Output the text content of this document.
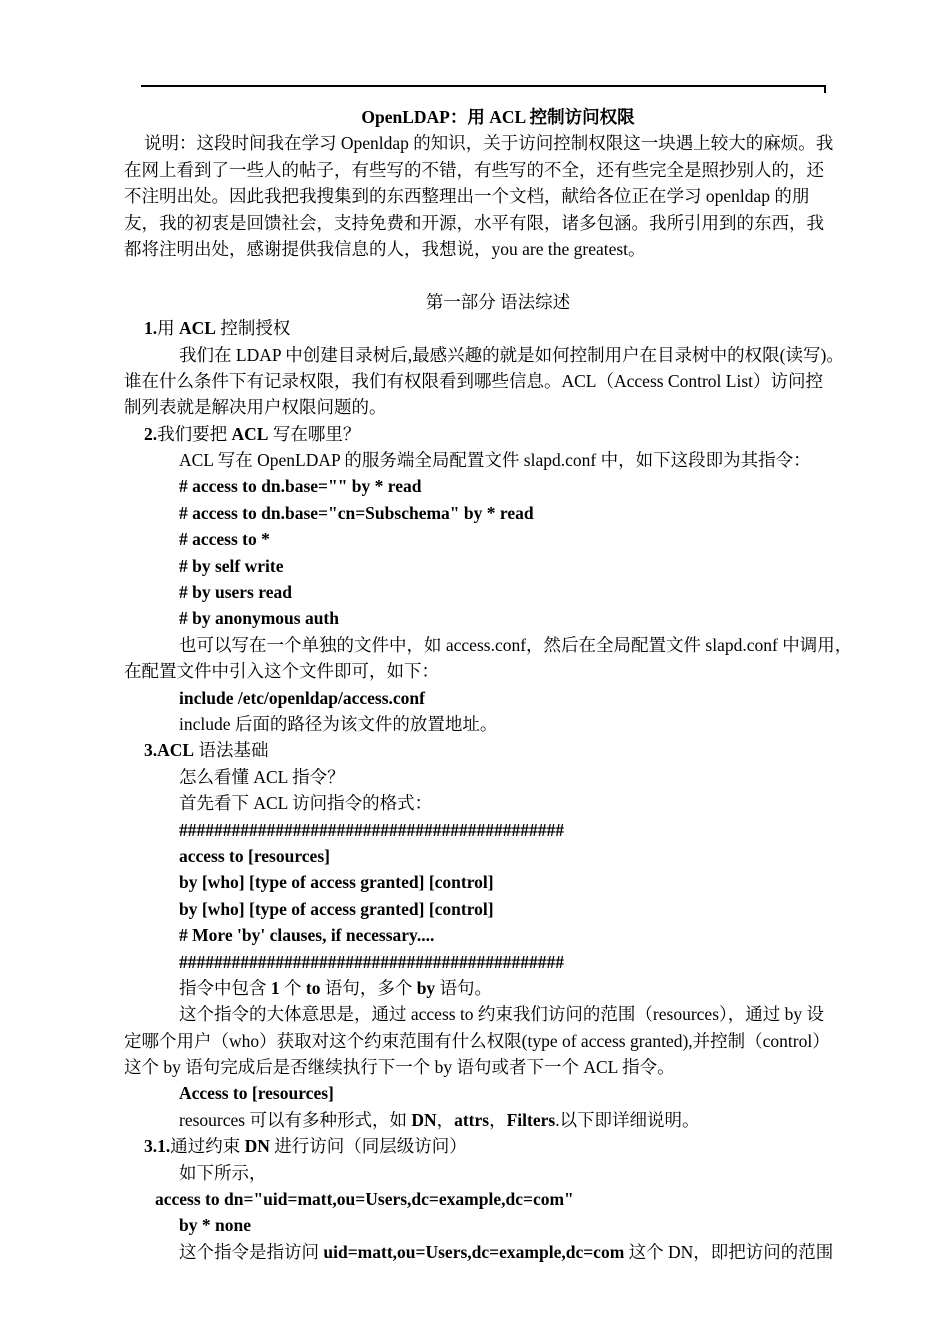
OpenLDAP：用 ACL 控制访问权限
说明：这段时间我在学习 Openldap 的知识，关于访问控制权限这一块遇上较大的麻烦。我
在网上看到了一些人的帖子，有些写的不错，有些写的不全，还有些完全是照抄别人的，还
不注明出处。因此我把我搜集到的东西整理出一个文档，献给各位正在学习 openldap 的朋
友，我的初衷是回馈社会，支持免费和开源，水平有限，诸多包涵。我所引用到的东西，我
都将注明出处，感谢提供我信息的人，我想说，you are the greatest。
第一部分 语法综述
1.用 ACL 控制授权
我们在 LDAP 中创建目录树后,最感兴趣的就是如何控制用户在目录树中的权限(读写)。
谁在什么条件下有记录权限，我们有权限看到哪些信息。ACL（Access Control List）访问控
制列表就是解决用户权限问题的。
2.我们要把 ACL 写在哪里？
ACL 写在 OpenLDAP 的服务端全局配置文件 slapd.conf 中，如下这段即为其指令：
# access to dn.base="" by * read
# access to dn.base="cn=Subschema" by * read
# access to *
# by self write
# by users read
# by anonymous auth
也可以写在一个单独的文件中，如 access.conf，然后在全局配置文件 slapd.conf 中调用，
在配置文件中引入这个文件即可，如下：
include /etc/openldap/access.conf
include 后面的路径为该文件的放置地址。
3.ACL 语法基础
怎么看懂 ACL 指令？
首先看下 ACL 访问指令的格式：
############################################
access to [resources]
by [who] [type of access granted] [control]
by [who] [type of access granted] [control]
# More 'by' clauses, if necessary....
############################################
指令中包含 1 个 to 语句，多个 by 语句。
这个指令的大体意思是，通过 access to 约束我们访问的范围（resources），通过 by 设
定哪个用户（who）获取对这个约束范围有什么权限(type of access granted),并控制（control）
这个 by 语句完成后是否继续执行下一个 by 语句或者下一个 ACL 指令。
Access to [resources]
resources 可以有多种形式，如 DN，attrs，Filters.以下即详细说明。
3.1.通过约束 DN 进行访问（同层级访问）
如下所示，
access to dn="uid=matt,ou=Users,dc=example,dc=com"
by * none
这个指令是指访问 uid=matt,ou=Users,dc=example,dc=com 这个 DN，即把访问的范围
